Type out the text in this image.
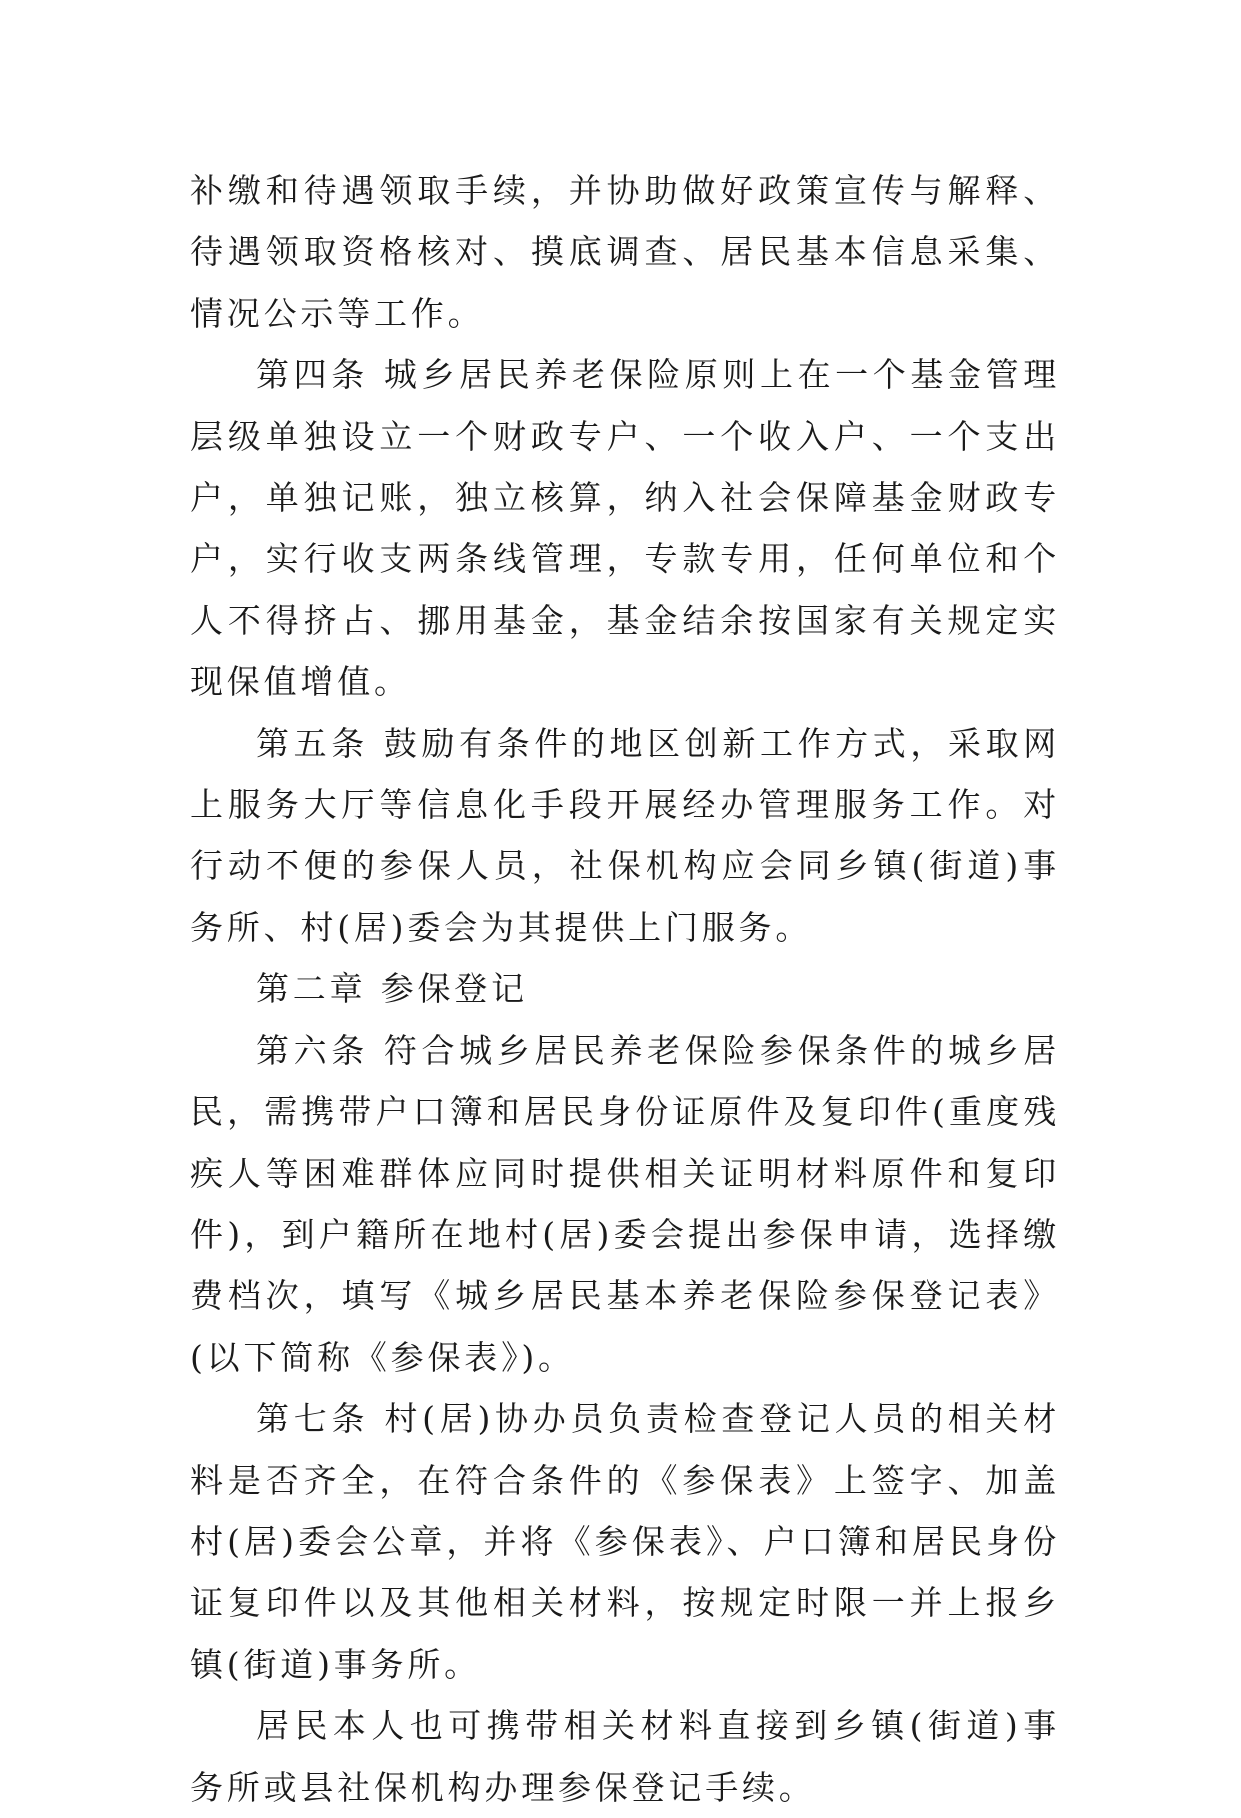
补缴和待遇领取手续，并协助做好政策宣传与解释、待遇领取资格核对、摸底调查、居民基本信息采集、情况公示等工作。

第四条 城乡居民养老保险原则上在一个基金管理层级单独设立一个财政专户、一个收入户、一个支出户，单独记账，独立核算，纳入社会保障基金财政专户，实行收支两条线管理，专款专用，任何单位和个人不得挤占、挪用基金，基金结余按国家有关规定实现保值增值。

第五条 鼓励有条件的地区创新工作方式，采取网上服务大厅等信息化手段开展经办管理服务工作。对行动不便的参保人员，社保机构应会同乡镇(街道)事务所、村(居)委会为其提供上门服务。

第二章 参保登记

第六条 符合城乡居民养老保险参保条件的城乡居民，需携带户口簿和居民身份证原件及复印件(重度残疾人等困难群体应同时提供相关证明材料原件和复印件)，到户籍所在地村(居)委会提出参保申请，选择缴费档次，填写《城乡居民基本养老保险参保登记表》(以下简称《参保表》)。

第七条 村(居)协办员负责检查登记人员的相关材料是否齐全，在符合条件的《参保表》上签字、加盖村(居)委会公章，并将《参保表》、户口簿和居民身份证复印件以及其他相关材料，按规定时限一并上报乡镇(街道)事务所。

居民本人也可携带相关材料直接到乡镇(街道)事务所或县社保机构办理参保登记手续。
